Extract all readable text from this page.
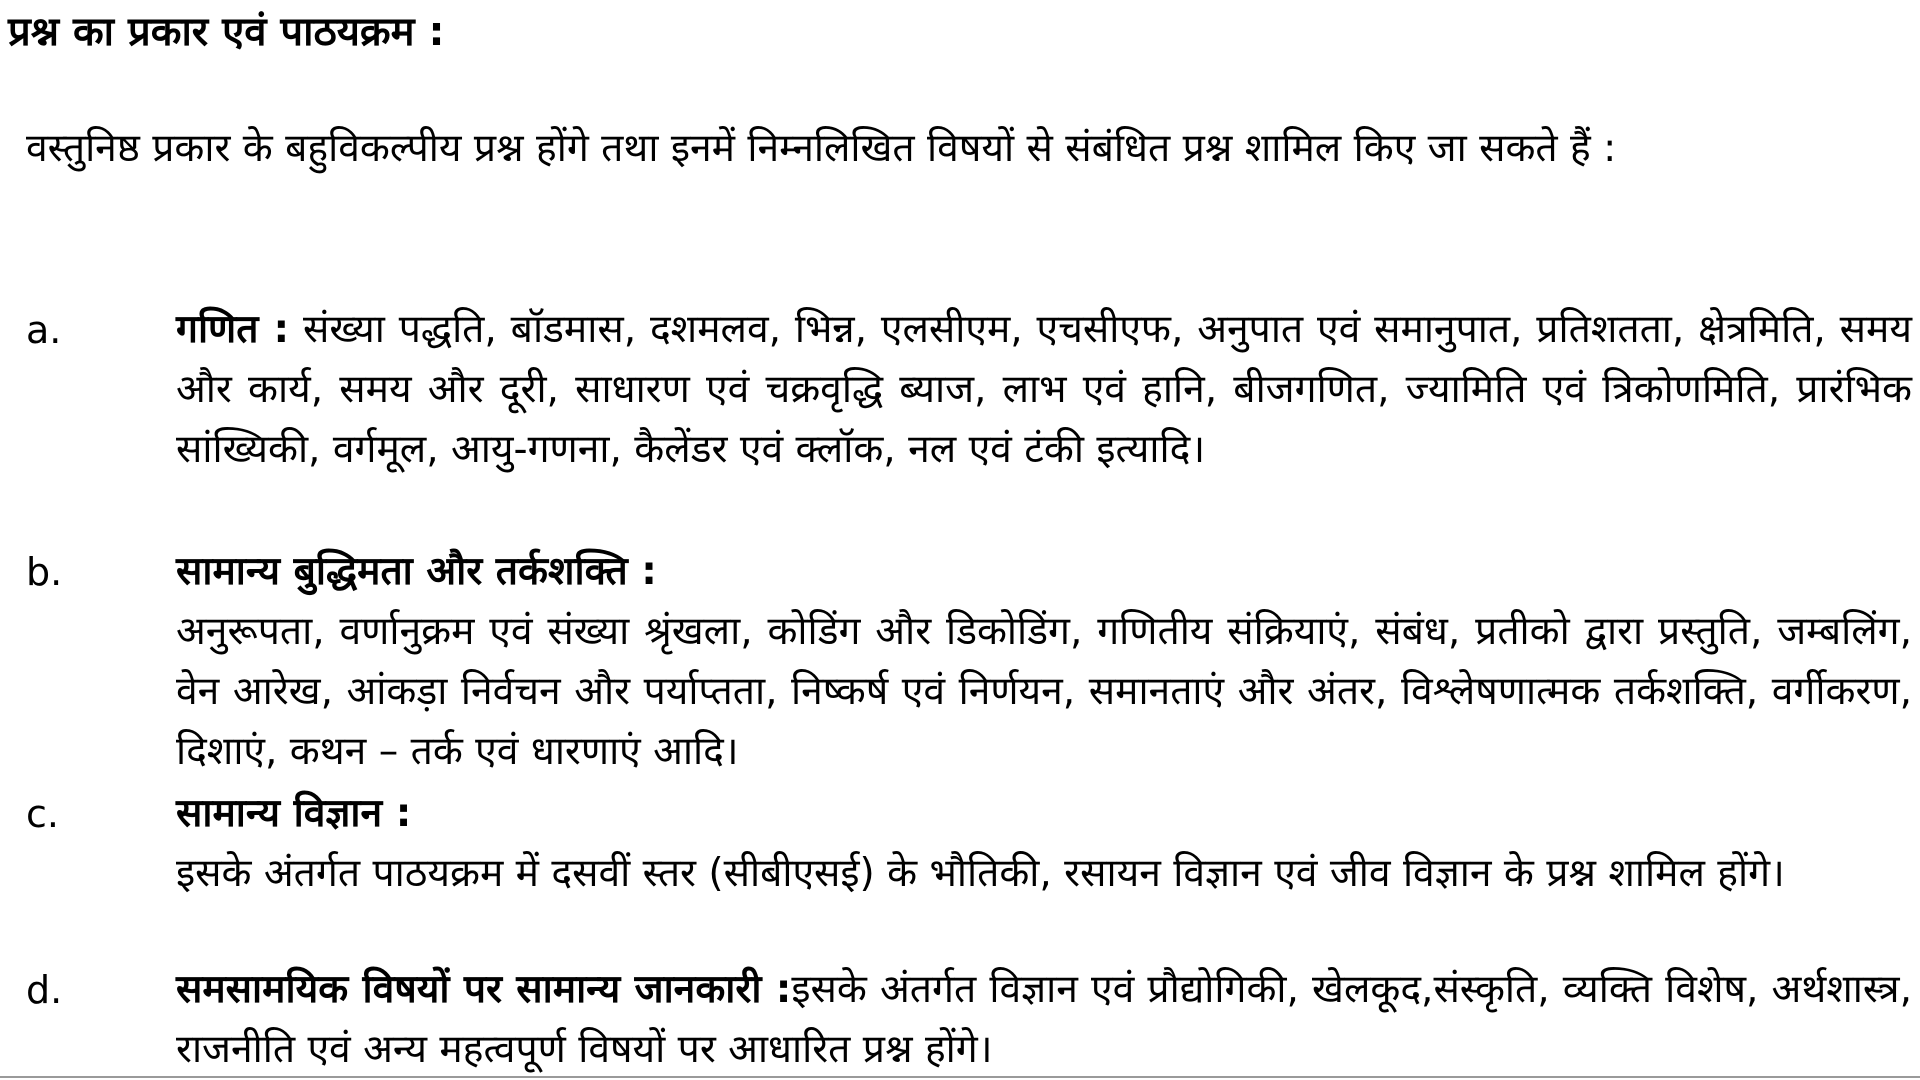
प्रश्न का प्रकार एवं पाठयक्रम :
वस्तुनिष्ठ प्रकार के बहुविकल्पीय प्रश्न होंगे तथा इनमें निम्नलिखित विषयों से संबंधित प्रश्न शामिल किए जा सकते हैं :
a.	गणित : संख्या पद्धति, बॉडमास, दशमलव, भिन्न, एलसीएम, एचसीएफ, अनुपात एवं समानुपात, प्रतिशतता, क्षेत्रमिति, समय और कार्य, समय और दूरी, साधारण एवं चक्रवृद्धि ब्याज, लाभ एवं हानि, बीजगणित, ज्यामिति एवं त्रिकोणमिति, प्रारंभिक सांख्यिकी, वर्गमूल, आयु-गणना, कैलेंडर एवं क्लॉक, नल एवं टंकी इत्यादि।
b.	सामान्य बुद्धिमता और तर्कशक्ति :
अनुरूपता, वर्णानुक्रम एवं संख्या श्रृंखला, कोडिंग और डिकोडिंग, गणितीय संक्रियाएं, संबंध, प्रतीको द्वारा प्रस्तुति, जम्बलिंग, वेन आरेख, आंकड़ा निर्वचन और पर्याप्तता, निष्कर्ष एवं निर्णयन, समानताएं और अंतर, विश्लेषणात्मक तर्कशक्ति, वर्गीकरण, दिशाएं, कथन – तर्क एवं धारणाएं आदि।
c.	सामान्य विज्ञान :
इसके अंतर्गत पाठयक्रम में दसवीं स्तर (सीबीएसई) के भौतिकी, रसायन विज्ञान एवं जीव विज्ञान के प्रश्न शामिल होंगे।
d.	समसामयिक विषयों पर सामान्य जानकारी :इसके अंतर्गत विज्ञान एवं प्रौद्योगिकी, खेलकूद,संस्कृति, व्यक्ति विशेष, अर्थशास्त्र, राजनीति एवं अन्य महत्वपूर्ण विषयों पर आधारित प्रश्न होंगे।
